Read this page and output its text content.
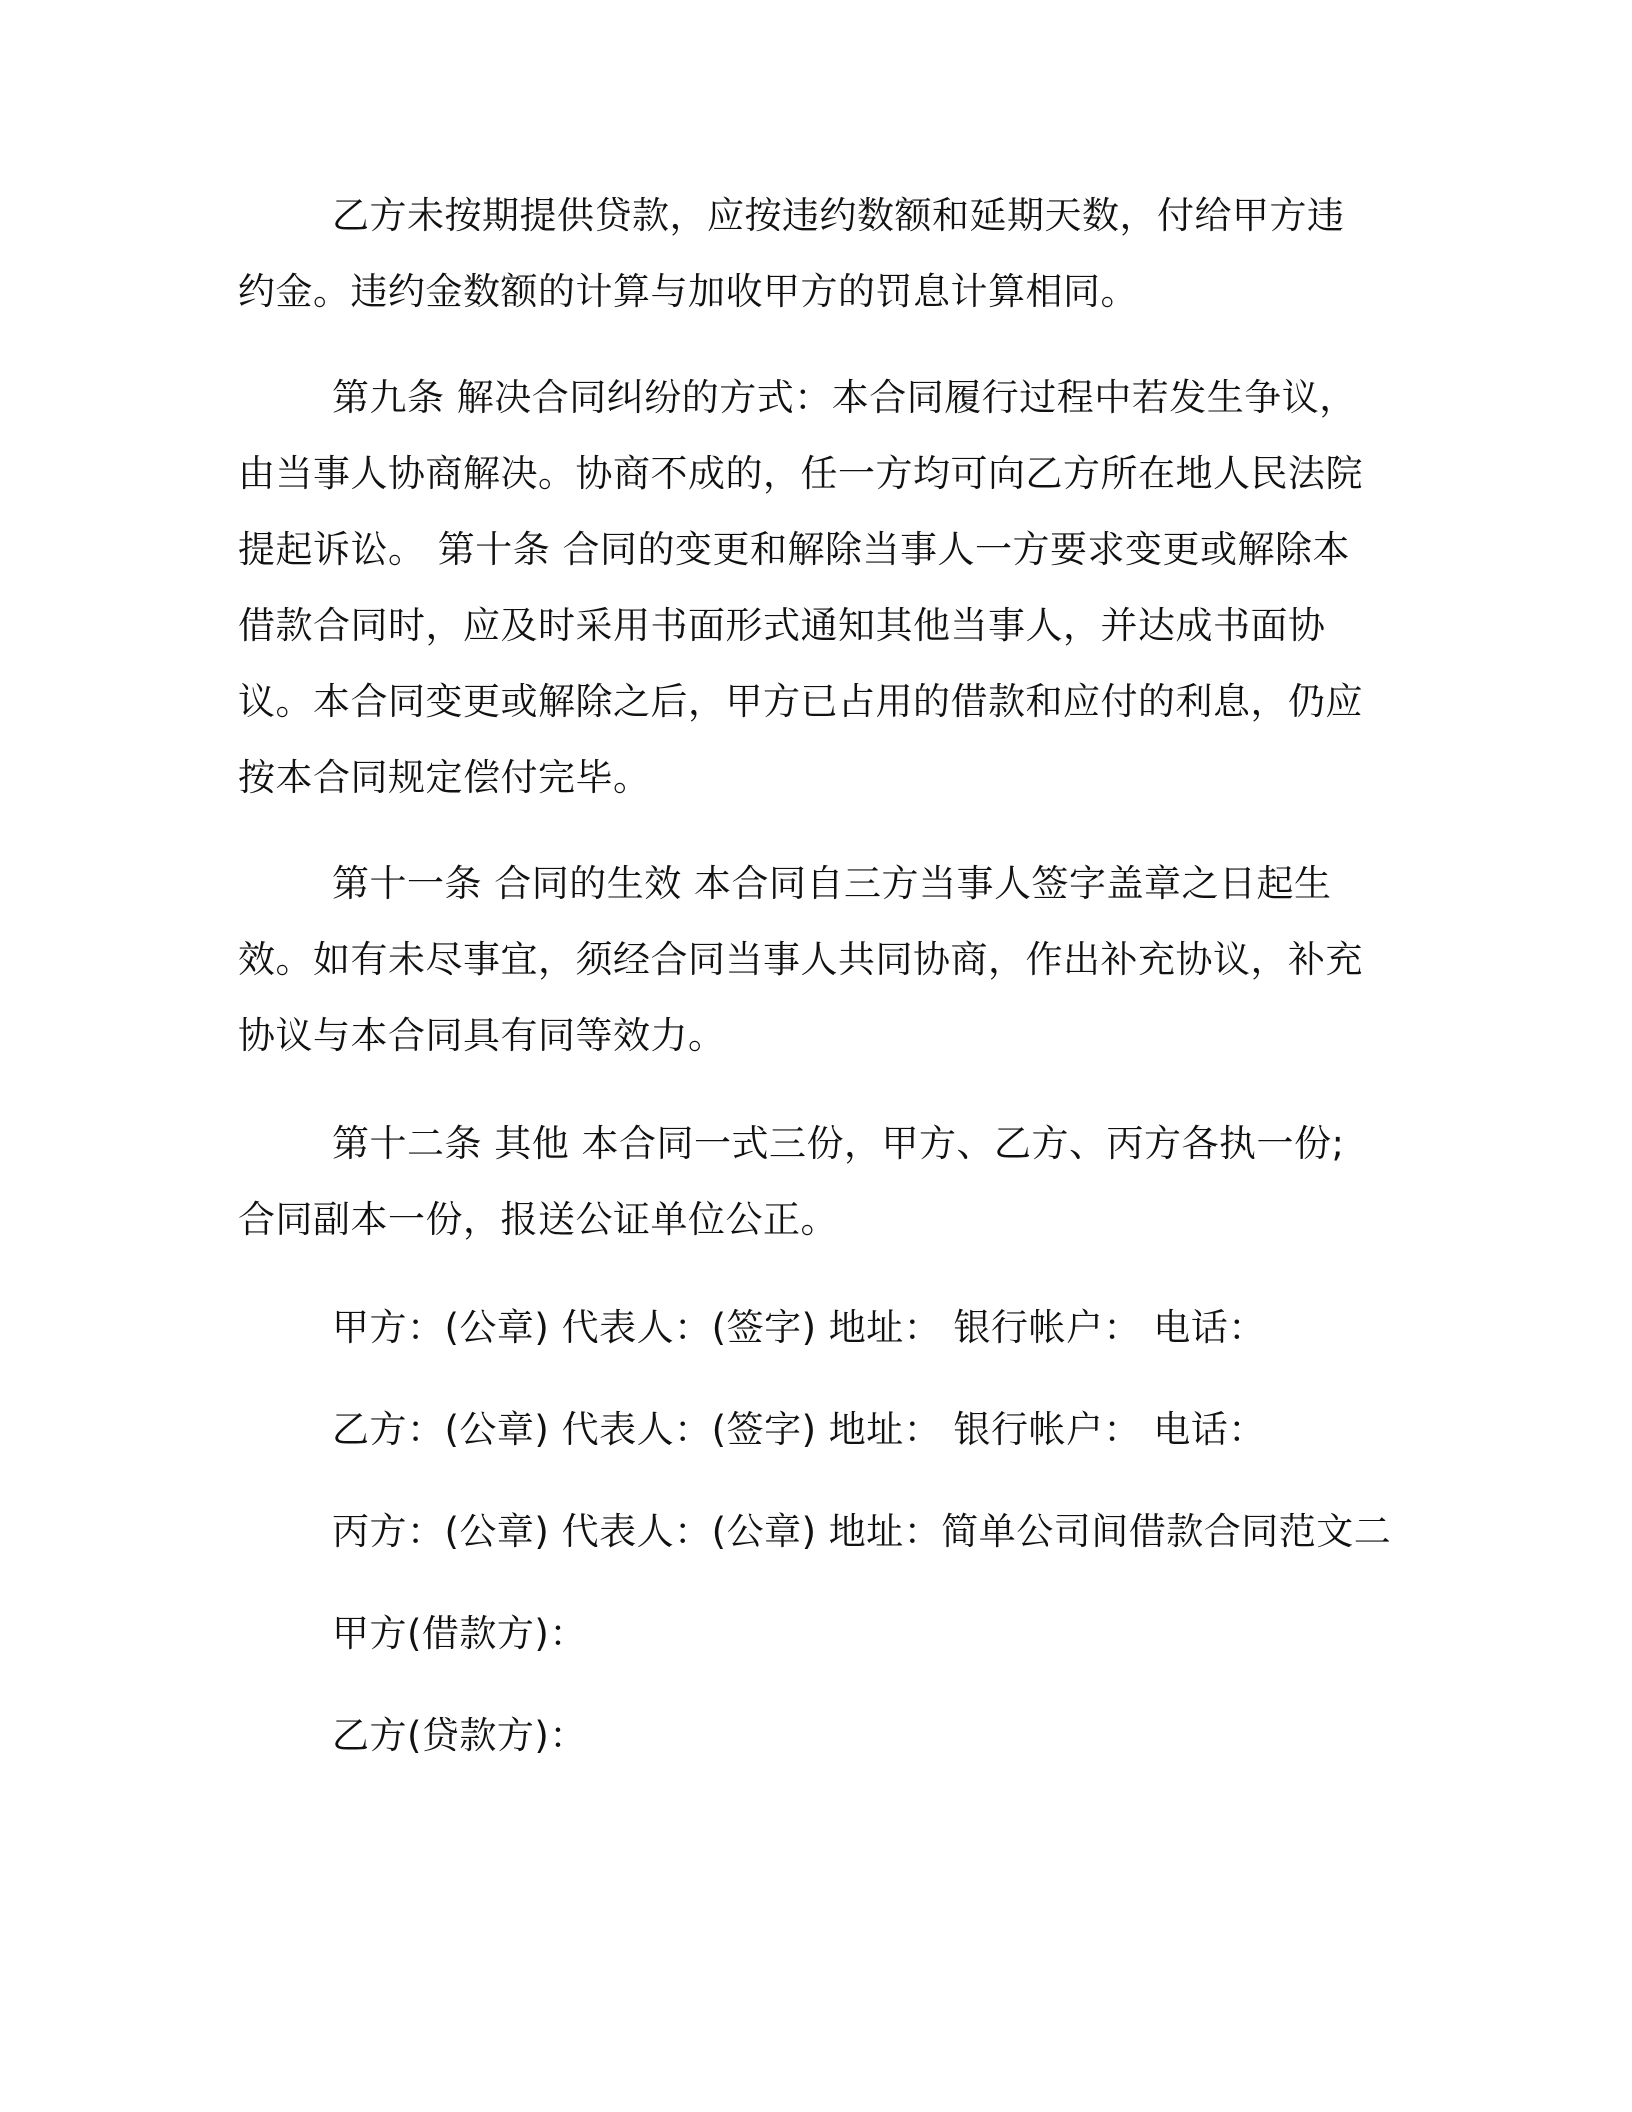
乙方未按期提供贷款，应按违约数额和延期天数，付给甲方违约金。违约金数额的计算与加收甲方的罚息计算相同。

第九条 解决合同纠纷的方式：本合同履行过程中若发生争议，由当事人协商解决。协商不成的，任一方均可向乙方所在地人民法院提起诉讼。 第十条 合同的变更和解除当事人一方要求变更或解除本借款合同时，应及时采用书面形式通知其他当事人，并达成书面协议。本合同变更或解除之后，甲方已占用的借款和应付的利息，仍应按本合同规定偿付完毕。

第十一条 合同的生效 本合同自三方当事人签字盖章之日起生效。如有未尽事宜，须经合同当事人共同协商，作出补充协议，补充协议与本合同具有同等效力。

第十二条 其他 本合同一式三份，甲方、乙方、丙方各执一份;合同副本一份，报送公证单位公正。

甲方：(公章) 代表人：(签字) 地址： 银行帐户： 电话：

乙方：(公章) 代表人：(签字) 地址： 银行帐户： 电话：

丙方：(公章) 代表人：(公章) 地址：简单公司间借款合同范文二

甲方(借款方)：

乙方(贷款方)：
